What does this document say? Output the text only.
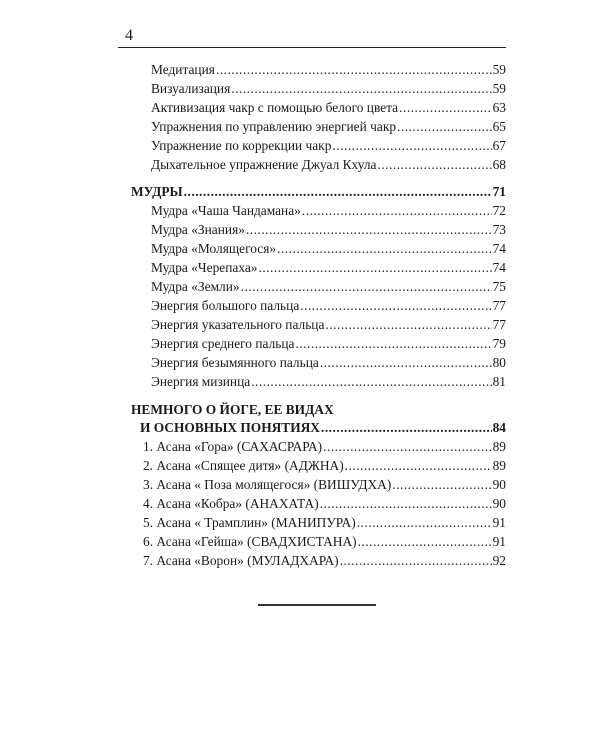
4
Медитация .....	59
Визуализация .....	59
Активизация чакр с помощью белого цвета .....	63
Упражнения по управлению энергией чакр .....	65
Упражнение по коррекции чакр .....	67
Дыхательное упражнение Джуал Кхула .....	68
МУДРЫ .....	71
Мудра «Чаша Чандамана» .....	72
Мудра «Знания» .....	73
Мудра «Молящегося» .....	74
Мудра «Черепаха» .....	74
Мудра «Земли» .....	75
Энергия большого пальца .....	77
Энергия указательного пальца .....	77
Энергия среднего пальца .....	79
Энергия безымянного пальца .....	80
Энергия мизинца .....	81
НЕМНОГО О ЙОГЕ, ЕЕ ВИДАХ
И ОСНОВНЫХ ПОНЯТИЯХ .....	84
1. Асана «Гора» (САХАСРАРА) .....	89
2. Асана «Спящее дитя» (АДЖНА) .....	89
3. Асана « Поза молящегося» (ВИШУДХА) .....	90
4. Асана «Кобра» (АНАХАТА) .....	90
5. Асана « Трамплин» (МАНИПУРА) .....	91
6. Асана «Гейша» (СВАДХИСТАНА) .....	91
7. Асана «Ворон» (МУЛАДХАРА) .....	92
